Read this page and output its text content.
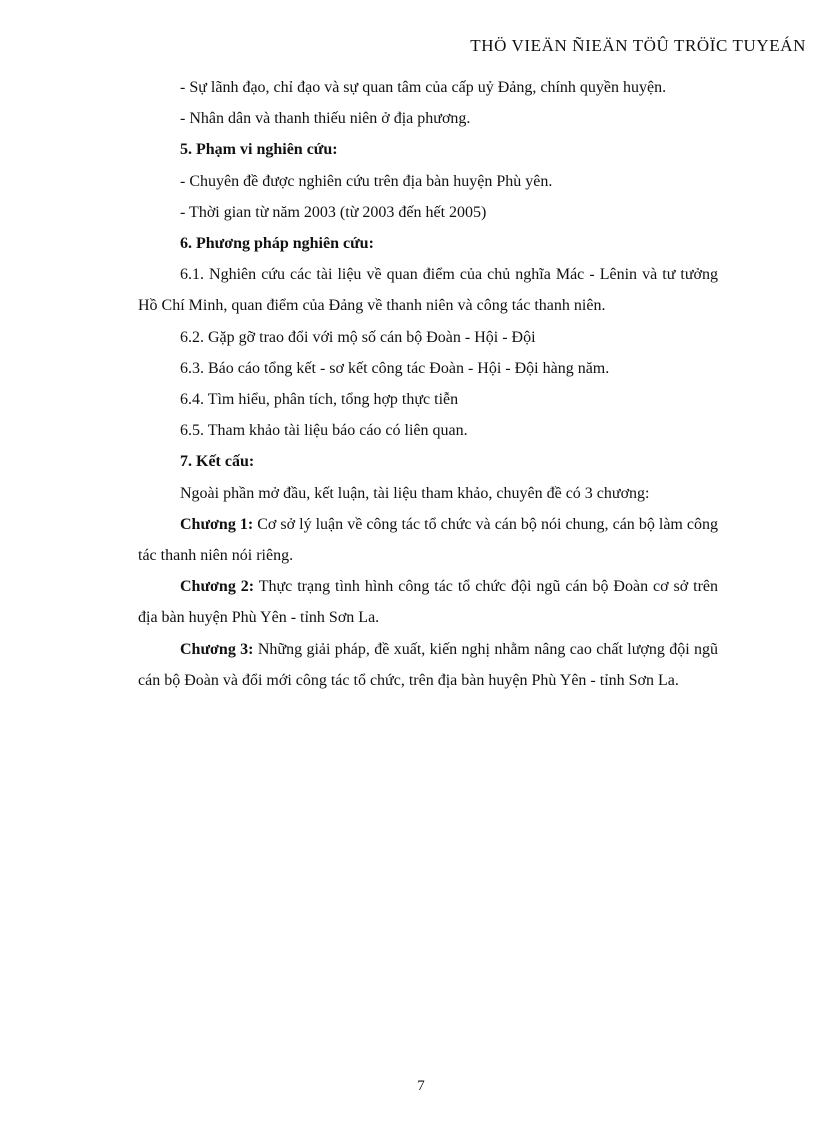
THÖ VIEÄN ÑIEÄN TÖÛ TRÖÏC TUYEÁN

- Sự lãnh đạo, chỉ đạo và sự quan tâm của cấp uỷ Đảng, chính quyền huyện.

- Nhân dân và thanh thiếu niên ở địa phương.

5. Phạm vi nghiên cứu:

- Chuyên đề được nghiên cứu trên địa bàn huyện Phù yên.

- Thời gian từ năm 2003 (từ 2003 đến hết 2005)

6. Phương pháp nghiên cứu:

6.1. Nghiên cứu các tài liệu về quan điểm của chủ nghĩa Mác - Lênin và tư tưởng Hồ Chí Minh, quan điểm của Đảng về thanh niên và công tác thanh niên.

6.2. Gặp gỡ trao đổi với mộ số cán bộ Đoàn - Hội - Đội

6.3. Báo cáo tổng kết - sơ kết công tác Đoàn - Hội - Đội hàng năm.

6.4. Tìm hiểu, phân tích, tổng hợp thực tiễn

6.5. Tham khảo tài liệu báo cáo có liên quan.

7. Kết cấu:

Ngoài phần mở đầu, kết luận, tài liệu tham khảo, chuyên đề có 3 chương:

Chương 1: Cơ sở lý luận về công tác tổ chức và cán bộ nói chung, cán bộ làm công tác thanh niên nói riêng.

Chương 2: Thực trạng tình hình công tác tổ chức đội ngũ cán bộ Đoàn cơ sở trên địa bàn huyện Phù Yên - tỉnh Sơn La.

Chương 3: Những giải pháp, đề xuất, kiến nghị nhằm nâng cao chất lượng đội ngũ cán bộ Đoàn và đổi mới công tác tổ chức, trên địa bàn huyện Phù Yên - tỉnh Sơn La.

7
